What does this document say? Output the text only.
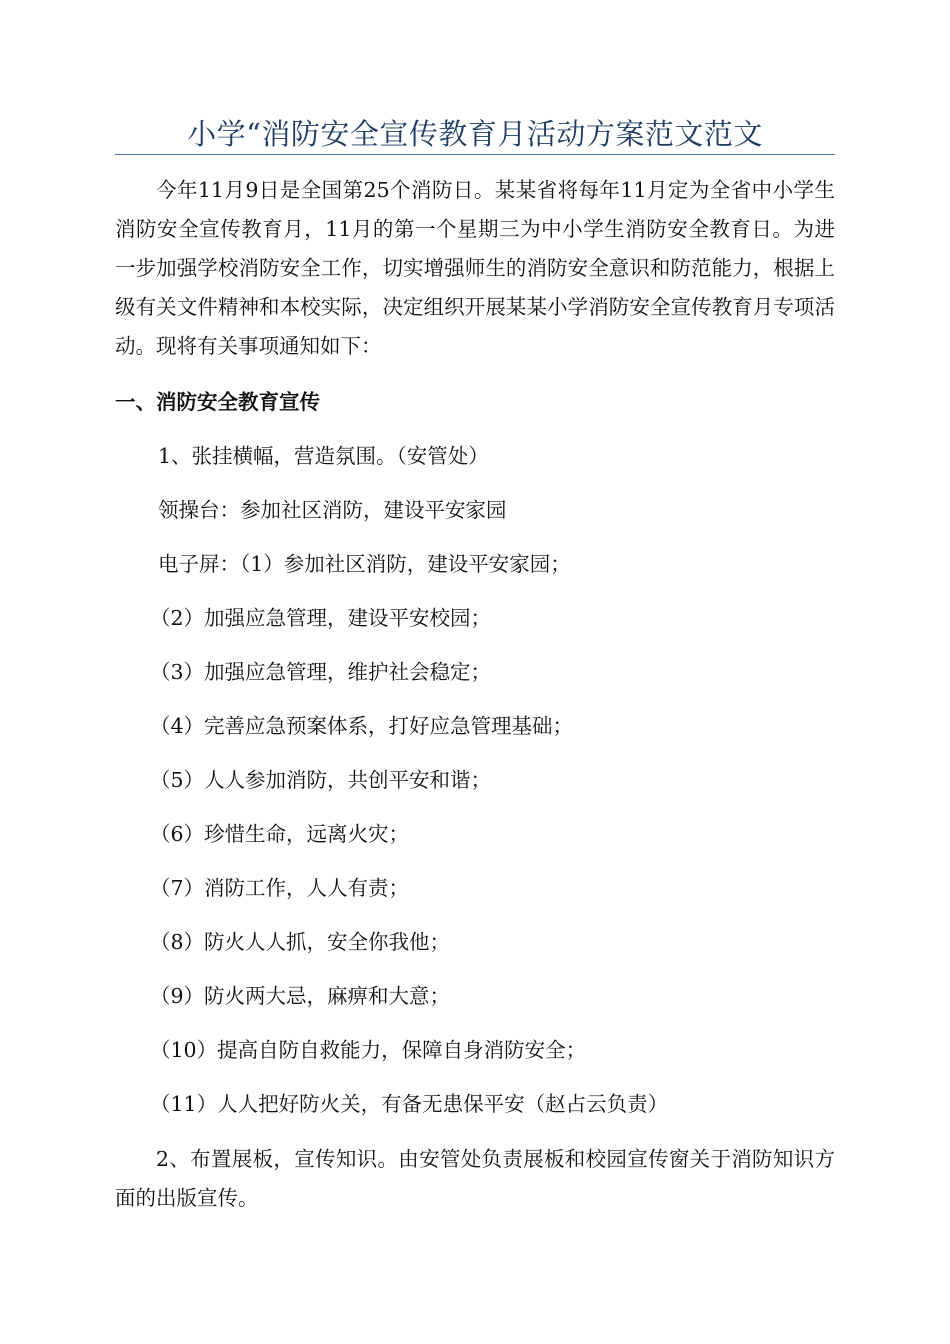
小学“消防安全宣传教育月活动方案范文范文

今年11月9日是全国第25个消防日。某某省将每年11月定为全省中小学生消防安全宣传教育月，11月的第一个星期三为中小学生消防安全教育日。为进一步加强学校消防安全工作，切实增强师生的消防安全意识和防范能力，根据上级有关文件精神和本校实际，决定组织开展某某小学消防安全宣传教育月专项活动。现将有关事项通知如下：

一、消防安全教育宣传

1、张挂横幅，营造氛围。（安管处）

领操台：参加社区消防，建设平安家园

电子屏：（1）参加社区消防，建设平安家园；

（2）加强应急管理，建设平安校园；

（3）加强应急管理，维护社会稳定；

（4）完善应急预案体系，打好应急管理基础；

（5）人人参加消防，共创平安和谐；

（6）珍惜生命，远离火灾；

（7）消防工作，人人有责；

（8）防火人人抓，安全你我他；

（9）防火两大忌，麻痹和大意；

（10）提高自防自救能力，保障自身消防安全；

（11）人人把好防火关，有备无患保平安（赵占云负责）

2、布置展板，宣传知识。由安管处负责展板和校园宣传窗关于消防知识方面的出版宣传。
